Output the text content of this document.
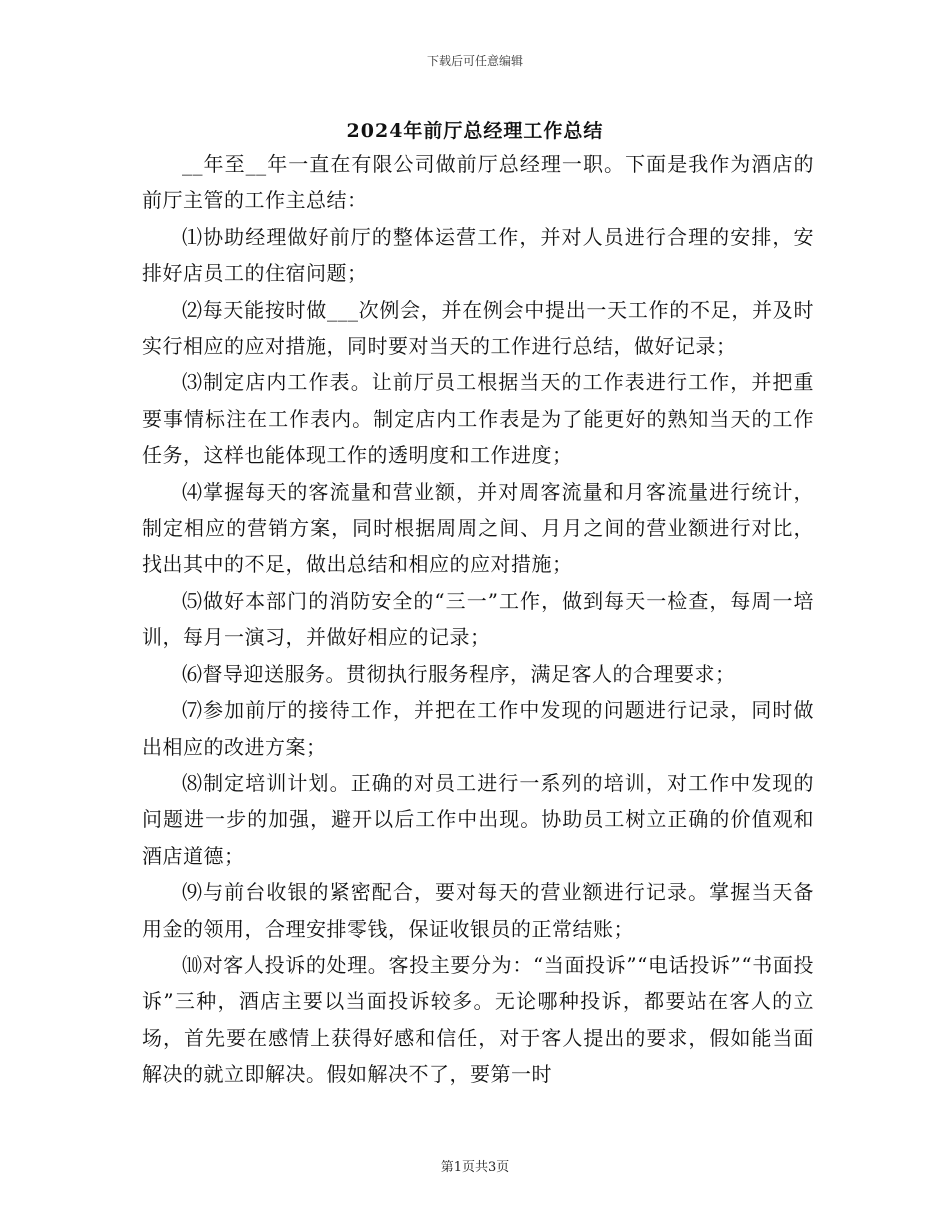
下载后可任意编辑
2024年前厅总经理工作总结

__年至__年一直在有限公司做前厅总经理一职。下面是我作为酒店的前厅主管的工作主总结：

⑴协助经理做好前厅的整体运营工作，并对人员进行合理的安排，安排好店员工的住宿问题；

⑵每天能按时做___次例会，并在例会中提出一天工作的不足，并及时实行相应的应对措施，同时要对当天的工作进行总结，做好记录；

⑶制定店内工作表。让前厅员工根据当天的工作表进行工作，并把重要事情标注在工作表内。制定店内工作表是为了能更好的熟知当天的工作任务，这样也能体现工作的透明度和工作进度；

⑷掌握每天的客流量和营业额，并对周客流量和月客流量进行统计，制定相应的营销方案，同时根据周周之间、月月之间的营业额进行对比，找出其中的不足，做出总结和相应的应对措施；

⑸做好本部门的消防安全的“三一”工作，做到每天一检查，每周一培训，每月一演习，并做好相应的记录；

⑹督导迎送服务。贯彻执行服务程序，满足客人的合理要求；

⑺参加前厅的接待工作，并把在工作中发现的问题进行记录，同时做出相应的改进方案；

⑻制定培训计划。正确的对员工进行一系列的培训，对工作中发现的问题进一步的加强，避开以后工作中出现。协助员工树立正确的价值观和酒店道德；

⑼与前台收银的紧密配合，要对每天的营业额进行记录。掌握当天备用金的领用，合理安排零钱，保证收银员的正常结账；

⑽对客人投诉的处理。客投主要分为：“当面投诉”“电话投诉”“书面投诉”三种，酒店主要以当面投诉较多。无论哪种投诉，都要站在客人的立场，首先要在感情上获得好感和信任，对于客人提出的要求，假如能当面解决的就立即解决。假如解决不了，要第一时

第1页共3页
